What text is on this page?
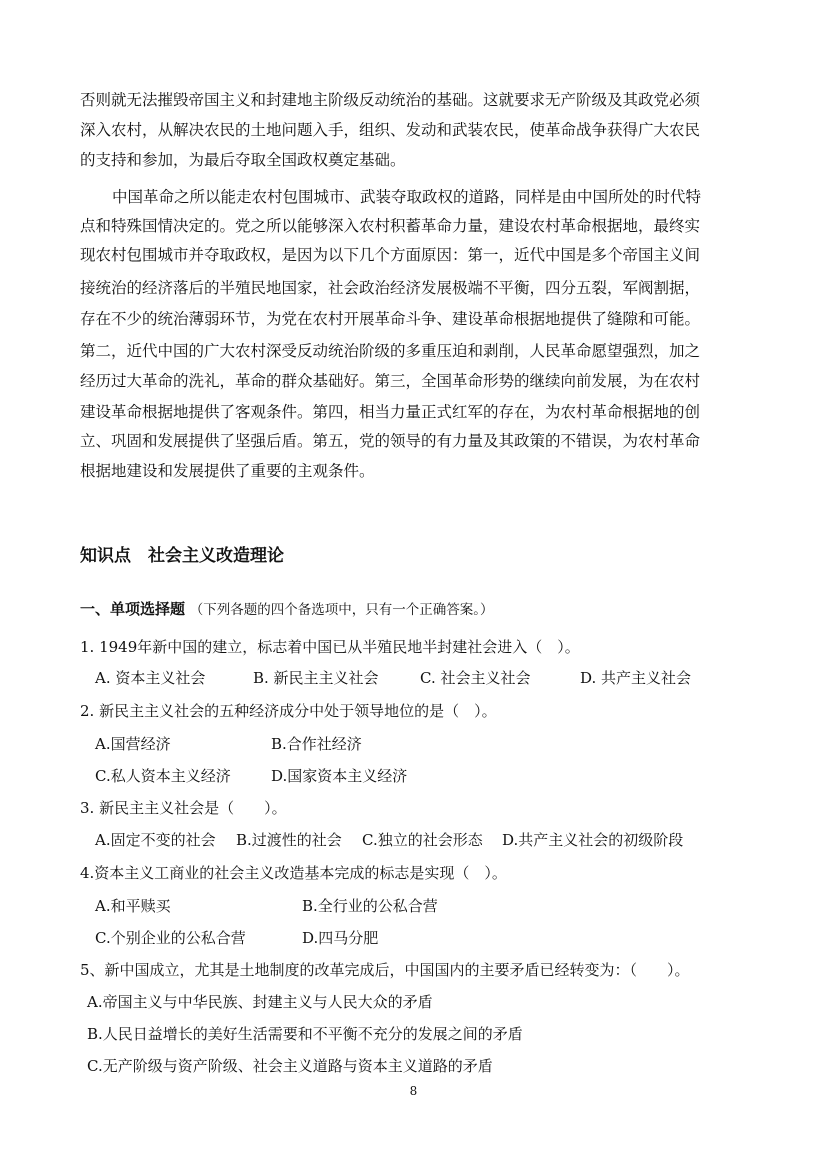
否则就无法摧毁帝国主义和封建地主阶级反动统治的基础。这就要求无产阶级及其政党必须
深入农村，从解决农民的土地问题入手，组织、发动和武装农民，使革命战争获得广大农民
的支持和参加，为最后夺取全国政权奠定基础。
中国革命之所以能走农村包围城市、武装夺取政权的道路，同样是由中国所处的时代特
点和特殊国情决定的。党之所以能够深入农村积蓄革命力量，建设农村革命根据地，最终实
现农村包围城市并夺取政权，是因为以下几个方面原因：第一，近代中国是多个帝国主义间
接统治的经济落后的半殖民地国家，社会政治经济发展极端不平衡，四分五裂，军阀割据，
存在不少的统治薄弱环节，为党在农村开展革命斗争、建设革命根据地提供了缝隙和可能。
第二，近代中国的广大农村深受反动统治阶级的多重压迫和剥削，人民革命愿望强烈，加之
经历过大革命的洗礼，革命的群众基础好。第三，全国革命形势的继续向前发展，为在农村
建设革命根据地提供了客观条件。第四，相当力量正式红军的存在，为农村革命根据地的创
立、巩固和发展提供了坚强后盾。第五，党的领导的有力量及其政策的不错误，为农村革命
根据地建设和发展提供了重要的主观条件。
知识点　社会主义改造理论
一、单项选择题 （下列各题的四个备选项中，只有一个正确答案。）
1. 1949年新中国的建立，标志着中国已从半殖民地半封建社会进入（　）。
A. 资本主义社会	B. 新民主主义社会	C. 社会主义社会	D. 共产主义社会
2. 新民主主义社会的五种经济成分中处于领导地位的是（　）。
A.国营经济	B.合作社经济
C.私人资本主义经济	D.国家资本主义经济
3. 新民主主义社会是（　　）。
A.固定不变的社会 B.过渡性的社会 C.独立的社会形态 D.共产主义社会的初级阶段
4.资本主义工商业的社会主义改造基本完成的标志是实现（　）。
A.和平赎买	B.全行业的公私合营
C.个别企业的公私合营	D.四马分肥
5、新中国成立，尤其是土地制度的改革完成后，中国国内的主要矛盾已经转变为：（　　）。
A.帝国主义与中华民族、封建主义与人民大众的矛盾
B.人民日益增长的美好生活需要和不平衡不充分的发展之间的矛盾
C.无产阶级与资产阶级、社会主义道路与资本主义道路的矛盾
8
